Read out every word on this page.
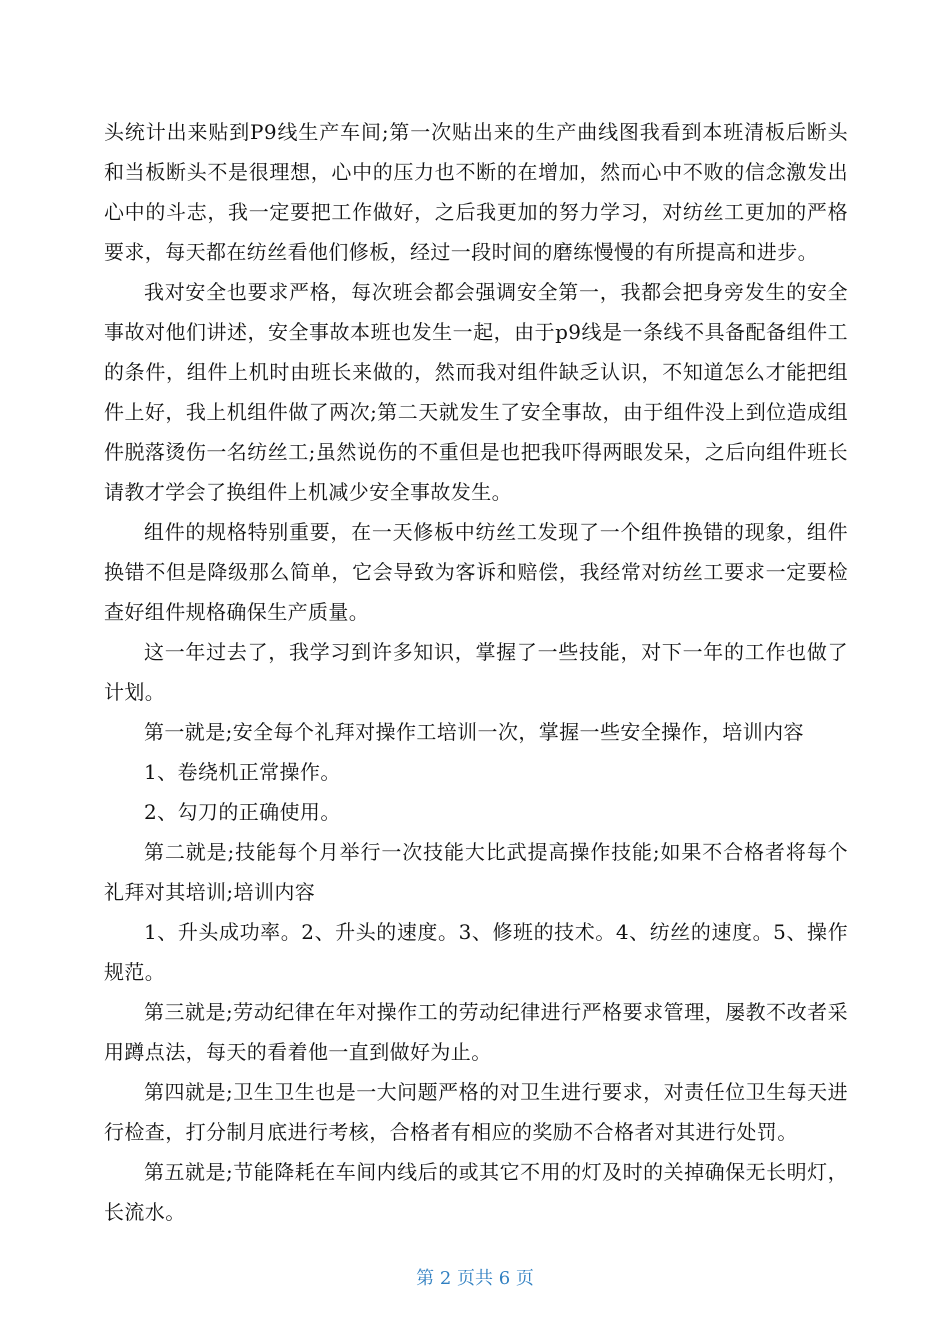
头统计出来贴到P9线生产车间;第一次贴出来的生产曲线图我看到本班清板后断头和当板断头不是很理想，心中的压力也不断的在增加，然而心中不败的信念激发出心中的斗志，我一定要把工作做好，之后我更加的努力学习，对纺丝工更加的严格要求，每天都在纺丝看他们修板，经过一段时间的磨练慢慢的有所提高和进步。

我对安全也要求严格，每次班会都会强调安全第一，我都会把身旁发生的安全事故对他们讲述，安全事故本班也发生一起，由于p9线是一条线不具备配备组件工的条件，组件上机时由班长来做的，然而我对组件缺乏认识，不知道怎么才能把组件上好，我上机组件做了两次;第二天就发生了安全事故，由于组件没上到位造成组件脱落烫伤一名纺丝工;虽然说伤的不重但是也把我吓得两眼发呆，之后向组件班长请教才学会了换组件上机减少安全事故发生。

组件的规格特别重要，在一天修板中纺丝工发现了一个组件换错的现象，组件换错不但是降级那么简单，它会导致为客诉和赔偿，我经常对纺丝工要求一定要检查好组件规格确保生产质量。

这一年过去了，我学习到许多知识，掌握了一些技能，对下一年的工作也做了计划。

第一就是;安全每个礼拜对操作工培训一次，掌握一些安全操作，培训内容

1、卷绕机正常操作。

2、勾刀的正确使用。

第二就是;技能每个月举行一次技能大比武提高操作技能;如果不合格者将每个礼拜对其培训;培训内容

1、升头成功率。2、升头的速度。3、修班的技术。4、纺丝的速度。5、操作规范。

第三就是;劳动纪律在年对操作工的劳动纪律进行严格要求管理，屡教不改者采用蹲点法，每天的看着他一直到做好为止。

第四就是;卫生卫生也是一大问题严格的对卫生进行要求，对责任位卫生每天进行检查，打分制月底进行考核，合格者有相应的奖励不合格者对其进行处罚。

第五就是;节能降耗在车间内线后的或其它不用的灯及时的关掉确保无长明灯，长流水。

第 2 页共 6 页
